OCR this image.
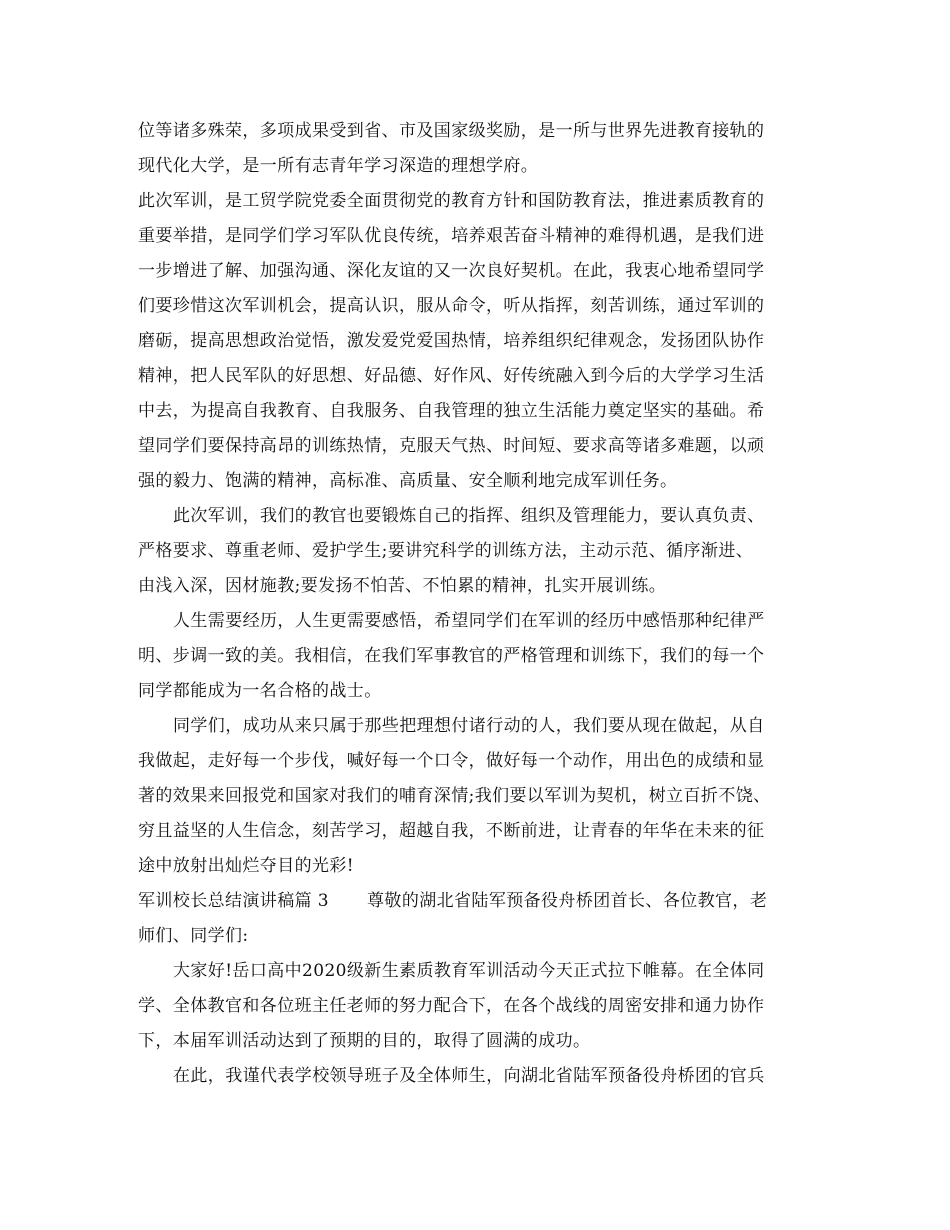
位等诸多殊荣，多项成果受到省、市及国家级奖励，是一所与世界先进教育接轨的
现代化大学，是一所有志青年学习深造的理想学府。
此次军训，是工贸学院党委全面贯彻党的教育方针和国防教育法，推进素质教育的
重要举措，是同学们学习军队优良传统，培养艰苦奋斗精神的难得机遇，是我们进
一步增进了解、加强沟通、深化友谊的又一次良好契机。在此，我衷心地希望同学
们要珍惜这次军训机会，提高认识，服从命令，听从指挥，刻苦训练，通过军训的
磨砺，提高思想政治觉悟，激发爱党爱国热情，培养组织纪律观念，发扬团队协作
精神，把人民军队的好思想、好品德、好作风、好传统融入到今后的大学学习生活
中去，为提高自我教育、自我服务、自我管理的独立生活能力奠定坚实的基础。希
望同学们要保持高昂的训练热情，克服天气热、时间短、要求高等诸多难题，以顽
强的毅力、饱满的精神，高标准、高质量、安全顺利地完成军训任务。
此次军训，我们的教官也要锻炼自己的指挥、组织及管理能力，要认真负责、
严格要求、尊重老师、爱护学生;要讲究科学的训练方法，主动示范、循序渐进、
由浅入深，因材施教;要发扬不怕苦、不怕累的精神，扎实开展训练。
人生需要经历，人生更需要感悟，希望同学们在军训的经历中感悟那种纪律严
明、步调一致的美。我相信，在我们军事教官的严格管理和训练下，我们的每一个
同学都能成为一名合格的战士。
同学们，成功从来只属于那些把理想付诸行动的人，我们要从现在做起，从自
我做起，走好每一个步伐，喊好每一个口令，做好每一个动作，用出色的成绩和显
著的效果来回报党和国家对我们的哺育深情;我们要以军训为契机，树立百折不饶、
穷且益坚的人生信念，刻苦学习，超越自我，不断前进，让青春的年华在未来的征
途中放射出灿烂夺目的光彩!
军训校长总结演讲稿篇 3 尊敬的湖北省陆军预备役舟桥团首长、各位教官，老
师们、同学们:
大家好!岳口高中2020级新生素质教育军训活动今天正式拉下帷幕。在全体同
学、全体教官和各位班主任老师的努力配合下，在各个战线的周密安排和通力协作
下，本届军训活动达到了预期的目的，取得了圆满的成功。
在此，我谨代表学校领导班子及全体师生，向湖北省陆军预备役舟桥团的官兵
